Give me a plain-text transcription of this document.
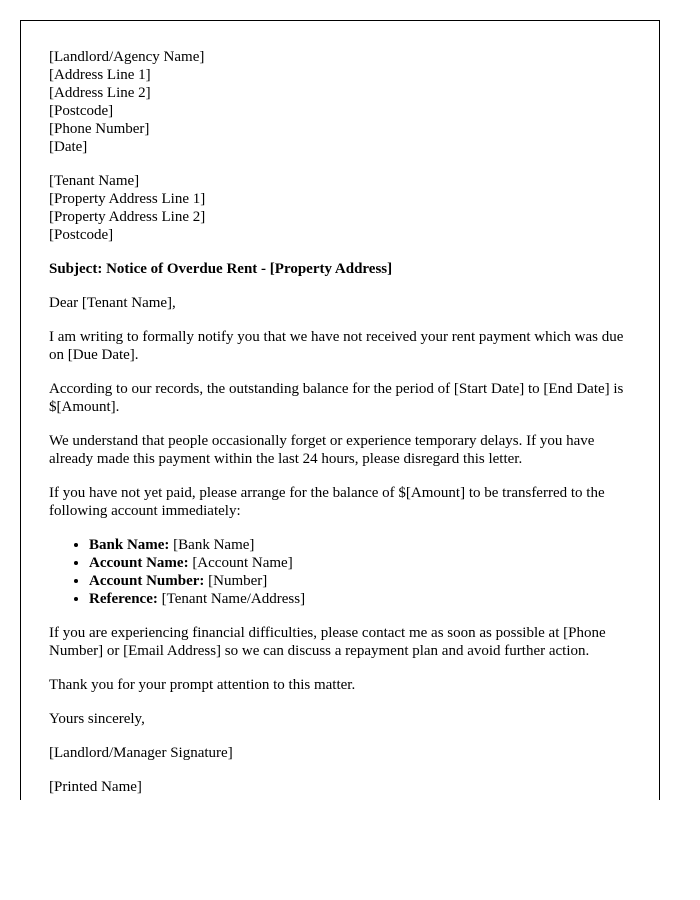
[Landlord/Agency Name]
[Address Line 1]
[Address Line 2]
[Postcode]
[Phone Number]
[Date]
[Tenant Name]
[Property Address Line 1]
[Property Address Line 2]
[Postcode]

Subject: Notice of Overdue Rent - [Property Address]

Dear [Tenant Name],

I am writing to formally notify you that we have not received your rent payment which was due on [Due Date].

According to our records, the outstanding balance for the period of [Start Date] to [End Date] is $[Amount].

We understand that people occasionally forget or experience temporary delays. If you have already made this payment within the last 24 hours, please disregard this letter.

If you have not yet paid, please arrange for the balance of $[Amount] to be transferred to the following account immediately:

• Bank Name: [Bank Name]
• Account Name: [Account Name]
• Account Number: [Number]
• Reference: [Tenant Name/Address]

If you are experiencing financial difficulties, please contact me as soon as possible at [Phone Number] or [Email Address] so we can discuss a repayment plan and avoid further action.

Thank you for your prompt attention to this matter.

Yours sincerely,

[Landlord/Manager Signature]

[Printed Name]
